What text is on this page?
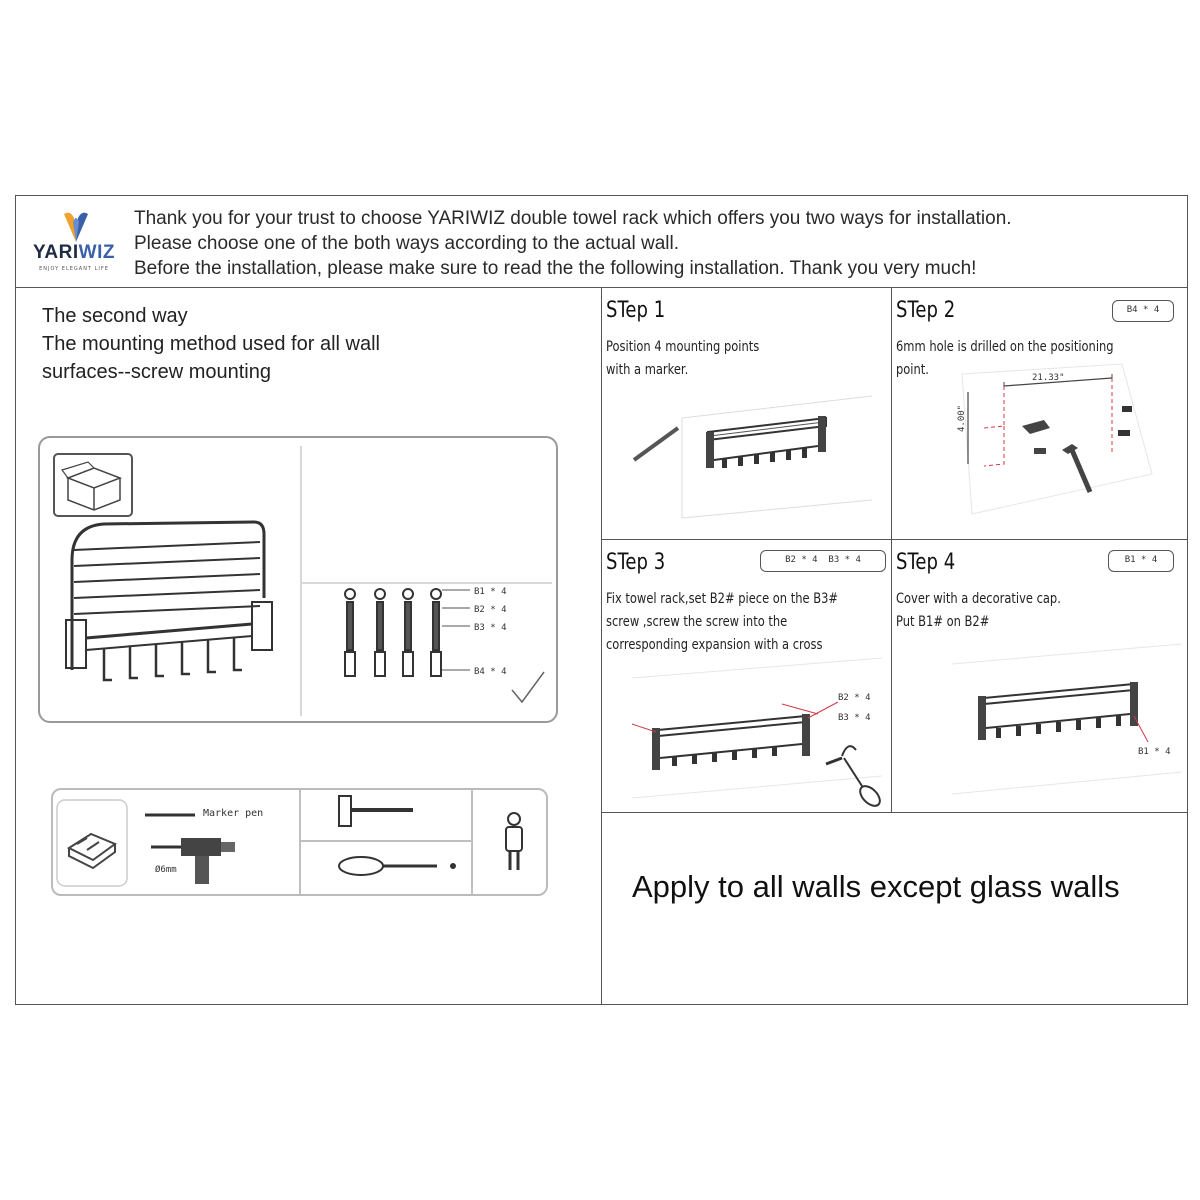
YARIWIZ
ENJOY ELEGANT LIFE
Thank you for your trust to choose YARIWIZ double towel rack which offers you two ways for installation.
Please choose one of the both ways according to the actual wall.
Before the installation, please make sure to read the the following installation. Thank you very much!
The second way
The mounting method used for all wall
surfaces--screw mounting
B1 * 4
B2 * 4
B3 * 4
B4 * 4
Marker pen
Ø6mm
STep 1
Position 4 mounting points
with a marker.
STep 2	B4 * 4
6mm hole is drilled on the positioning
point.	21.33"
4.00"
STep 3	B2 * 4 B3 * 4
Fix towel rack,set B2# piece on the B3#
screw ,screw the screw into the
corresponding expansion with a cross
B2 * 4
B3 * 4
STep 4	B1 * 4
Cover with a decorative cap.
Put B1# on B2#
B1 * 4
Apply to all walls except glass walls
